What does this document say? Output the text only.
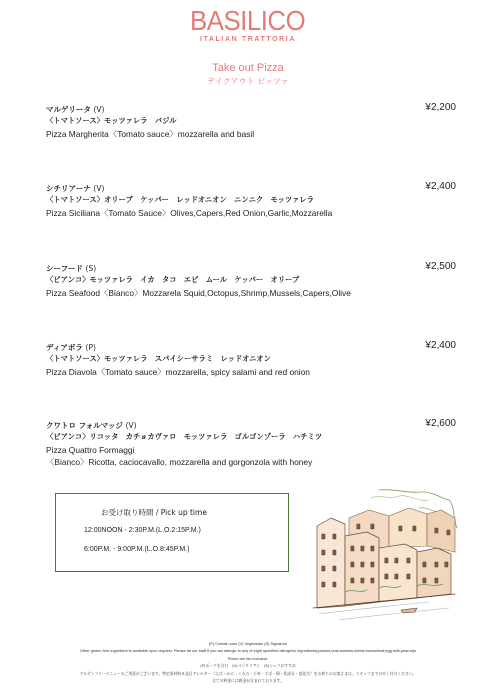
BASILICO
ITALIAN TRATTORIA
Take out Pizza
テイクアウト ピッツァ
マルゲリータ (V)
〈トマトソース〉モッツァレラ　バジル
Pizza Margherita〈Tomato sauce〉mozzarella and basil
¥2,200
シチリアーナ (V)
〈トマトソース〉オリーブ　ケッパー　レッドオニオン　ニンニク　モッツァレラ
Pizza Siciliana〈Tomato Sauce〉Olives,Capers,Red Onion,Garlic,Mozzarella
¥2,400
シーフード (S)
〈ビアンコ〉モッツァレラ　イカ　タコ　エビ　ムール　ケッパー　オリーブ
Pizza Seafood〈Bianco〉Mozzarela Squid,Octopus,Shrimp,Mussels,Capers,Olive
¥2,500
ディアボラ (P)
〈トマトソース〉モッツァレラ　スパイシーサラミ　レッドオニオン
Pizza Diavola〈Tomato sauce〉mozzarella, spicy salami and red onion
¥2,400
クワトロ フォルマッジ (V)
〈ビアンコ〉リコッタ　カチョカヴァロ　モッツァレラ　ゴルゴンゾーラ　ハチミツ
Pizza Quattro Formaggi
〈Bianco〉Ricotta, caciocavallo, mozzarella and gorgonzola with honey
¥2,600
お受け取り時間 / Pick up time
12:00NOON - 2:30P.M.(L.O.2:15P.M.)
6:00P.M. - 9:00P.M.(L.O.8:45P.M.)
(P) Contain pork (V) Vegetarian (S) Signature
Other gluten-free ingredient is available upon request. Please let our staff if you are allergic to any of eight specified allergenic ingredients(prawns,crab,walnuts,wheat,buckwheat,egg,milk,peanut)s
Prices are tax inclusive.
(P)ポークを含む　(V)ベジタリアン　(S)シェフおすすめ
グルテンフリーメニューのご用意がございます。特定原材料８品目アレルギー（えび・かに・くるみ・小麦・そば・卵・乳成分・落花生）をお持ちのお客さまは、スタッフまでお申し付けください。
全ての料金には税金が含まれております。
